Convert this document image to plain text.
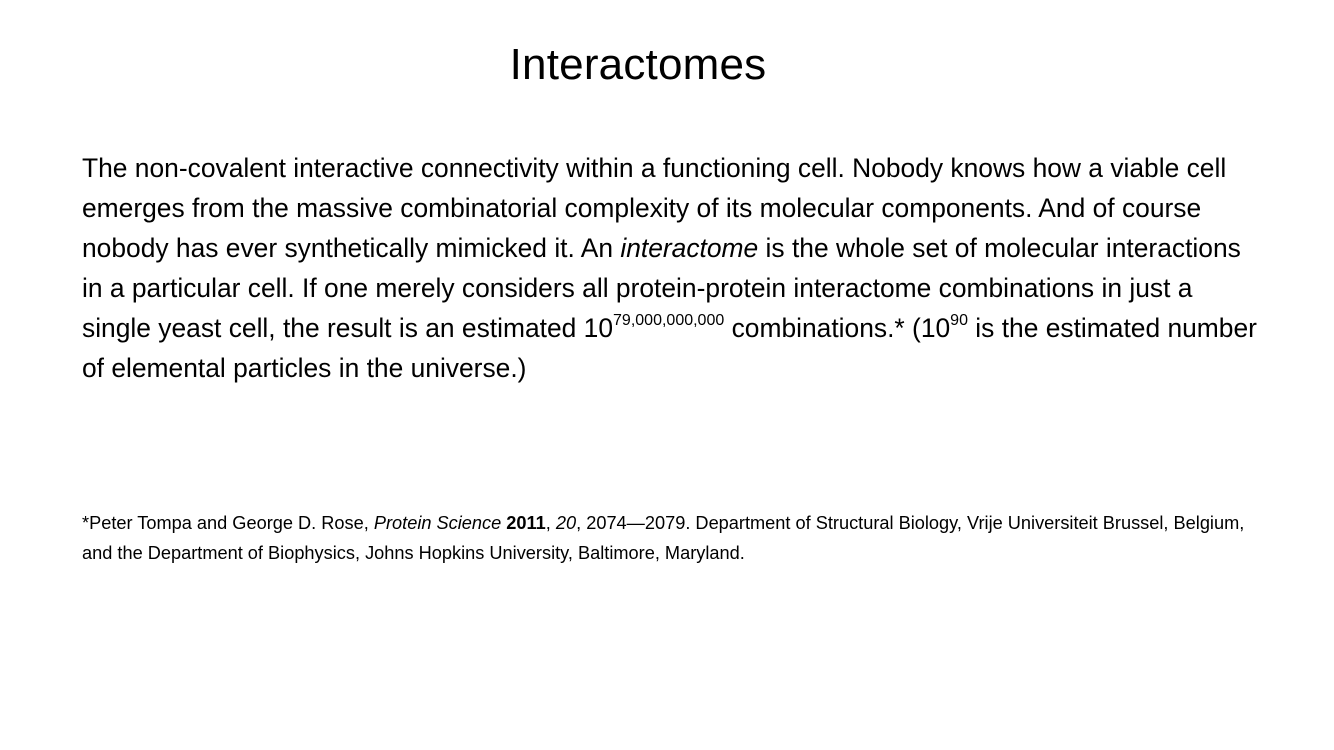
Interactomes

The non-covalent interactive connectivity within a functioning cell. Nobody knows how a viable cell emerges from the massive combinatorial complexity of its molecular components. And of course nobody has ever synthetically mimicked it. An interactome is the whole set of molecular interactions in a particular cell. If one merely considers all protein-protein interactome combinations in just a single yeast cell, the result is an estimated 10$^{79,000,000,000}$ combinations.* ($10^{90}$ is the estimated number of elemental particles in the universe.)

*Peter Tompa and George D. Rose, Protein Science 2011, 20, 2074—2079. Department of Structural Biology, Vrije Universiteit Brussel, Belgium, and the Department of Biophysics, Johns Hopkins University, Baltimore, Maryland.
